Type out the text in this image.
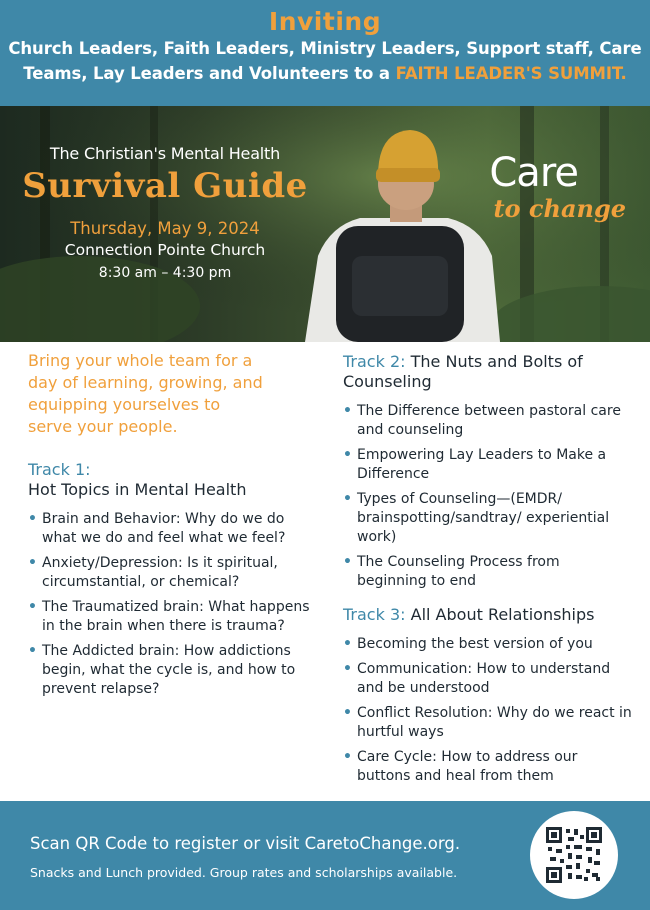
Inviting
Church Leaders, Faith Leaders, Ministry Leaders, Support staff, Care
Teams, Lay Leaders and Volunteers to a FAITH LEADER'S SUMMIT.
The Christian's Mental Health
Survival Guide
Thursday, May 9, 2024
Connection Pointe Church
8:30 am – 4:30 pm
Care
to change
Bring your whole team for a
day of learning, growing, and
equipping yourselves to
serve your people.
Track 1:
Hot Topics in Mental Health
• Brain and Behavior: Why do we do what we do and feel what we feel?
• Anxiety/Depression: Is it spiritual, circumstantial, or chemical?
• The Traumatized brain: What happens in the brain when there is trauma?
• The Addicted brain: How addictions begin, what the cycle is, and how to prevent relapse?
Track 2: The Nuts and Bolts of Counseling
• The Difference between pastoral care and counseling
• Empowering Lay Leaders to Make a Difference
• Types of Counseling—(EMDR/ brainspotting/sandtray/ experiential work)
• The Counseling Process from beginning to end
Track 3: All About Relationships
• Becoming the best version of you
• Communication: How to understand and be understood
• Conflict Resolution: Why do we react in hurtful ways
• Care Cycle: How to address our buttons and heal from them
Scan QR Code to register or visit CaretoChange.org.
Snacks and Lunch provided. Group rates and scholarships available.
